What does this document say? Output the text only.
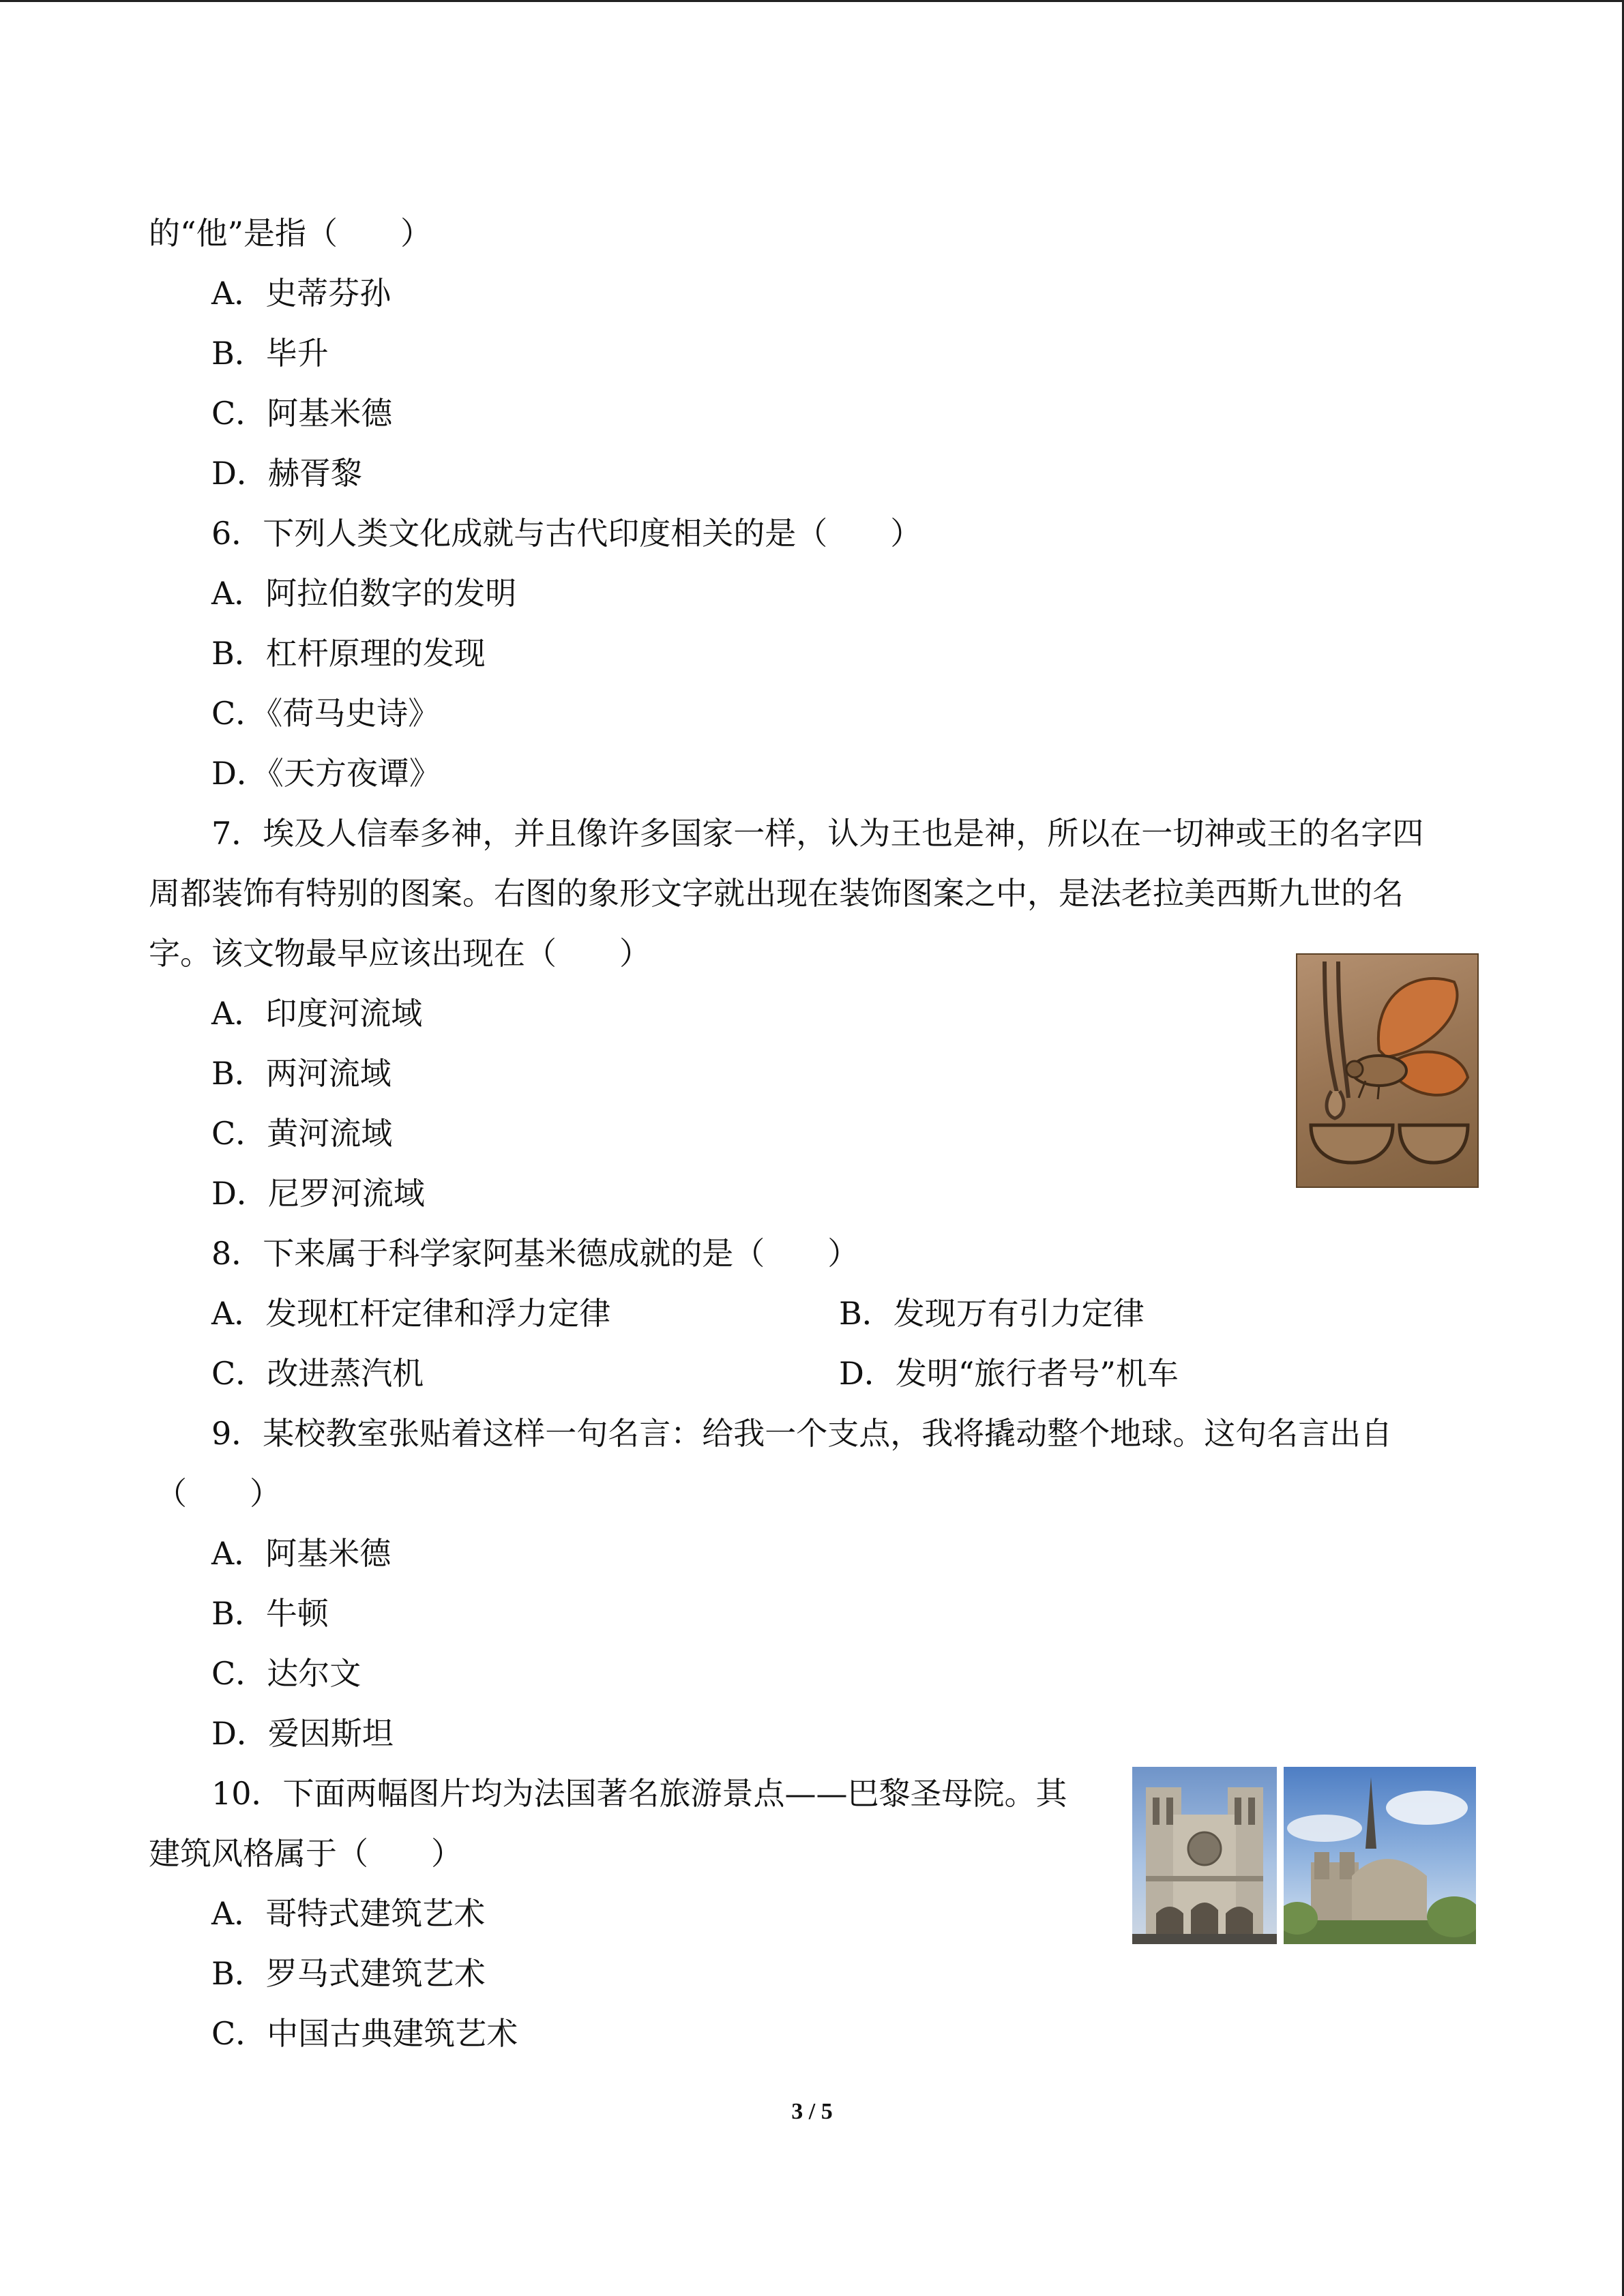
的“他”是指（　　）
A．史蒂芬孙
B．毕升
C．阿基米德
D．赫胥黎
6．下列人类文化成就与古代印度相关的是（　　）
A．阿拉伯数字的发明
B．杠杆原理的发现
C．《荷马史诗》
D．《天方夜谭》
7．埃及人信奉多神，并且像许多国家一样，认为王也是神，所以在一切神或王的名字四
周都装饰有特别的图案。右图的象形文字就出现在装饰图案之中，是法老拉美西斯九世的名
字。该文物最早应该出现在（　　）
A．印度河流域
B．两河流域
C．黄河流域
D．尼罗河流域
8．下来属于科学家阿基米德成就的是（　　）
A．发现杠杆定律和浮力定律	B．发现万有引力定律
C．改进蒸汽机	D．发明“旅行者号”机车
9．某校教室张贴着这样一句名言：给我一个支点，我将撬动整个地球。这句名言出自
（　　）
A．阿基米德
B．牛顿
C．达尔文
D．爱因斯坦
10．下面两幅图片均为法国著名旅游景点——巴黎圣母院。其
建筑风格属于（　　）
A．哥特式建筑艺术
B．罗马式建筑艺术
C．中国古典建筑艺术
3 / 5
